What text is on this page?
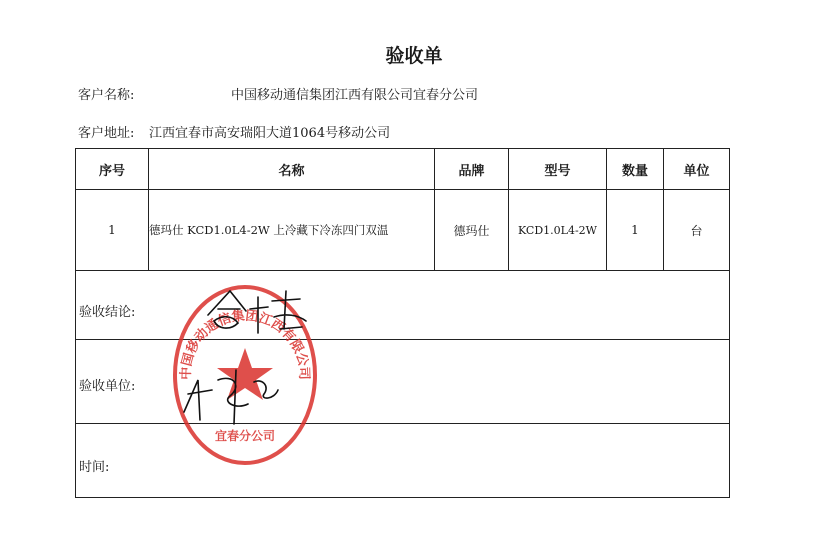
验收单
客户名称:	中国移动通信集团江西有限公司宜春分公司
客户地址: 江西宜春市高安瑞阳大道1064号移动公司
序号	名称	品牌	型号	数量	单位
1	德玛仕 KCD1.0L4-2W 上冷藏下冷冻四门双温	德玛仕	KCD1.0L4-2W	1	台
验收结论:
验收单位:
时间:
中国移动通信集团江西有限公司
宜春分公司
